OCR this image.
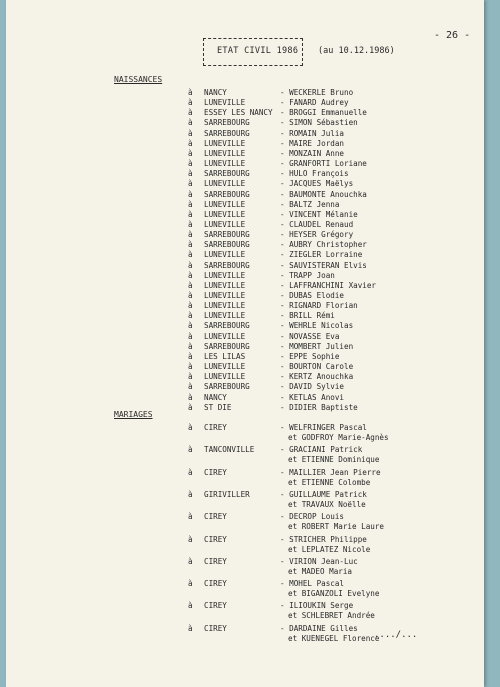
- 26 -
ETAT CIVIL 1986 (au 10.12.1986)
NAISSANCES
à NANCY	- WECKERLE Bruno
à LUNEVILLE	- FANARD Audrey
à ESSEY LES NANCY - BROGGI Emmanuelle
à SARREBOURG	- SIMON Sébastien
à SARREBOURG	- ROMAIN Julia
à LUNEVILLE	- MAIRE Jordan
à LUNEVILLE	- MONZAIN Anne
à LUNEVILLE	- GRANFORTI Loriane
à SARREBOURG	- HULO François
à LUNEVILLE	- JACQUES Maëlys
à SARREBOURG	- BAUMONTE Anouchka
à LUNEVILLE	- BALTZ Jenna
à LUNEVILLE	- VINCENT Mélanie
à LUNEVILLE	- CLAUDEL Renaud
à SARREBOURG	- HEYSER Grégory
à SARREBOURG	- AUBRY Christopher
à LUNEVILLE	- ZIEGLER Lorraine
à SARREBOURG	- SAUVISTERAN Elvis
à LUNEVILLE	- TRAPP Joan
à LUNEVILLE	- LAFFRANCHINI Xavier
à LUNEVILLE	- DUBAS Elodie
à LUNEVILLE	- RIGNARD Florian
à LUNEVILLE	- BRILL Rémi
à SARREBOURG	- WEHRLE Nicolas
à LUNEVILLE	- NOVASSE Eva
à SARREBOURG	- MOMBERT Julien
à LES LILAS	- EPPE Sophie
à LUNEVILLE	- BOURTON Carole
à LUNEVILLE	- KERTZ Anouchka
à SARREBOURG	- DAVID Sylvie
à NANCY	- KETLAS Anovi
à ST DIE	- DIDIER Baptiste
MARIAGES
à CIREY	- WELFRINGER Pascal
et GODFROY Marie-Agnès
à TANCONVILLE	- GRACIANI Patrick
et ETIENNE Dominique
à CIREY	- MAILLIER Jean Pierre
et ETIENNE Colombe
à GIRIVILLER	- GUILLAUME Patrick
et TRAVAUX Noëlle
à CIREY	- DECROP Louis
et ROBERT Marie Laure
à CIREY	- STRICHER Philippe
et LEPLATEZ Nicole
à CIREY	- VIRION Jean-Luc
et MADEO Maria
à CIREY	- MOHEL Pascal
et BIGANZOLI Evelyne
à CIREY	- ILIOUKIN Serge
et SCHLEBRET Andrée
à CIREY	- DARDAINE Gilles
et KUENEGEL Florence
..../...
